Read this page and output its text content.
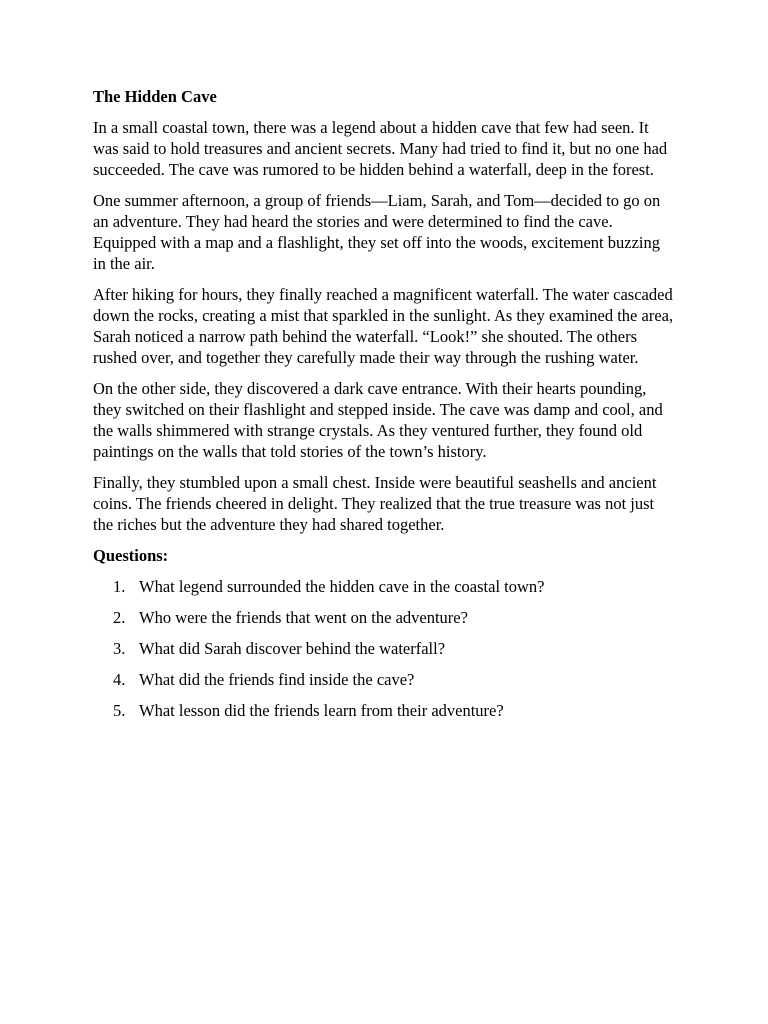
The Hidden Cave

In a small coastal town, there was a legend about a hidden cave that few had seen. It was said to hold treasures and ancient secrets. Many had tried to find it, but no one had succeeded. The cave was rumored to be hidden behind a waterfall, deep in the forest.

One summer afternoon, a group of friends—Liam, Sarah, and Tom—decided to go on an adventure. They had heard the stories and were determined to find the cave. Equipped with a map and a flashlight, they set off into the woods, excitement buzzing in the air.

After hiking for hours, they finally reached a magnificent waterfall. The water cascaded down the rocks, creating a mist that sparkled in the sunlight. As they examined the area, Sarah noticed a narrow path behind the waterfall. “Look!” she shouted. The others rushed over, and together they carefully made their way through the rushing water.

On the other side, they discovered a dark cave entrance. With their hearts pounding, they switched on their flashlight and stepped inside. The cave was damp and cool, and the walls shimmered with strange crystals. As they ventured further, they found old paintings on the walls that told stories of the town’s history.

Finally, they stumbled upon a small chest. Inside were beautiful seashells and ancient coins. The friends cheered in delight. They realized that the true treasure was not just the riches but the adventure they had shared together.

Questions:
1. What legend surrounded the hidden cave in the coastal town?
2. Who were the friends that went on the adventure?
3. What did Sarah discover behind the waterfall?
4. What did the friends find inside the cave?
5. What lesson did the friends learn from their adventure?
